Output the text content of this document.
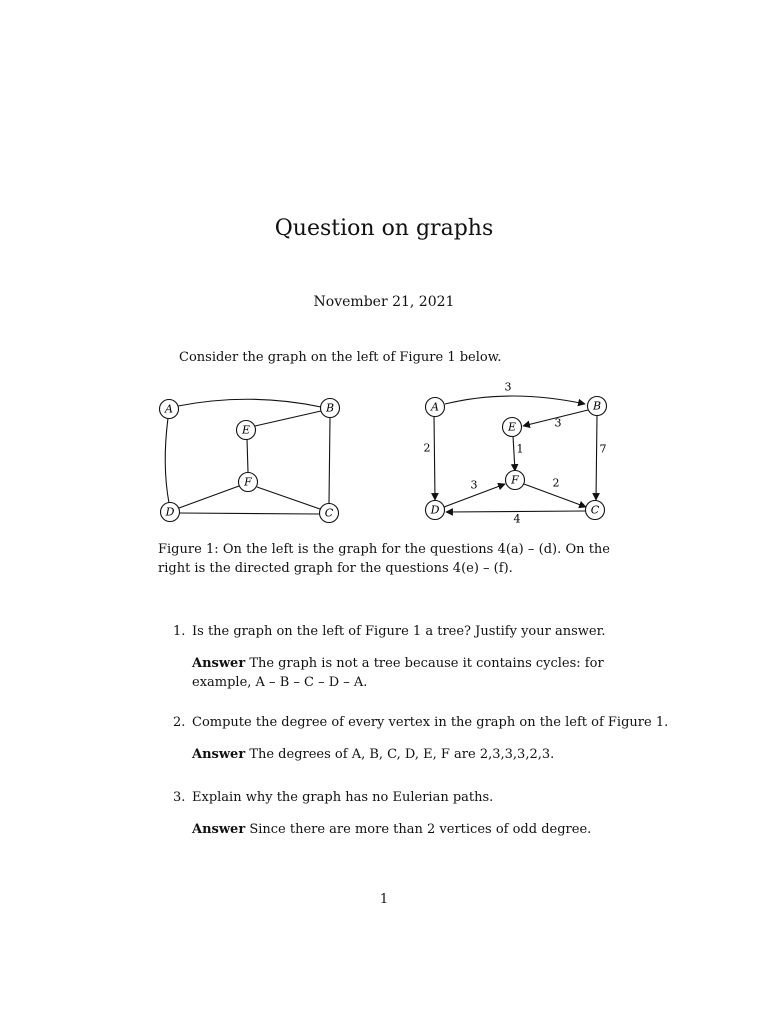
Question on graphs
November 21, 2021
Consider the graph on the left of Figure 1 below.
A	B
E
F
D	C
3
3
2	1	7
3	2
4
A	B
E
F
D	C
Figure 1: On the left is the graph for the questions 4(a) – (d). On the right is the directed graph for the questions 4(e) – (f).
1. Is the graph on the left of Figure 1 a tree? Justify your answer.
Answer The graph is not a tree because it contains cycles: for example, A – B – C – D – A.
2. Compute the degree of every vertex in the graph on the left of Figure 1.
Answer The degrees of A, B, C, D, E, F are 2,3,3,3,2,3.
3. Explain why the graph has no Eulerian paths.
Answer Since there are more than 2 vertices of odd degree.
1
